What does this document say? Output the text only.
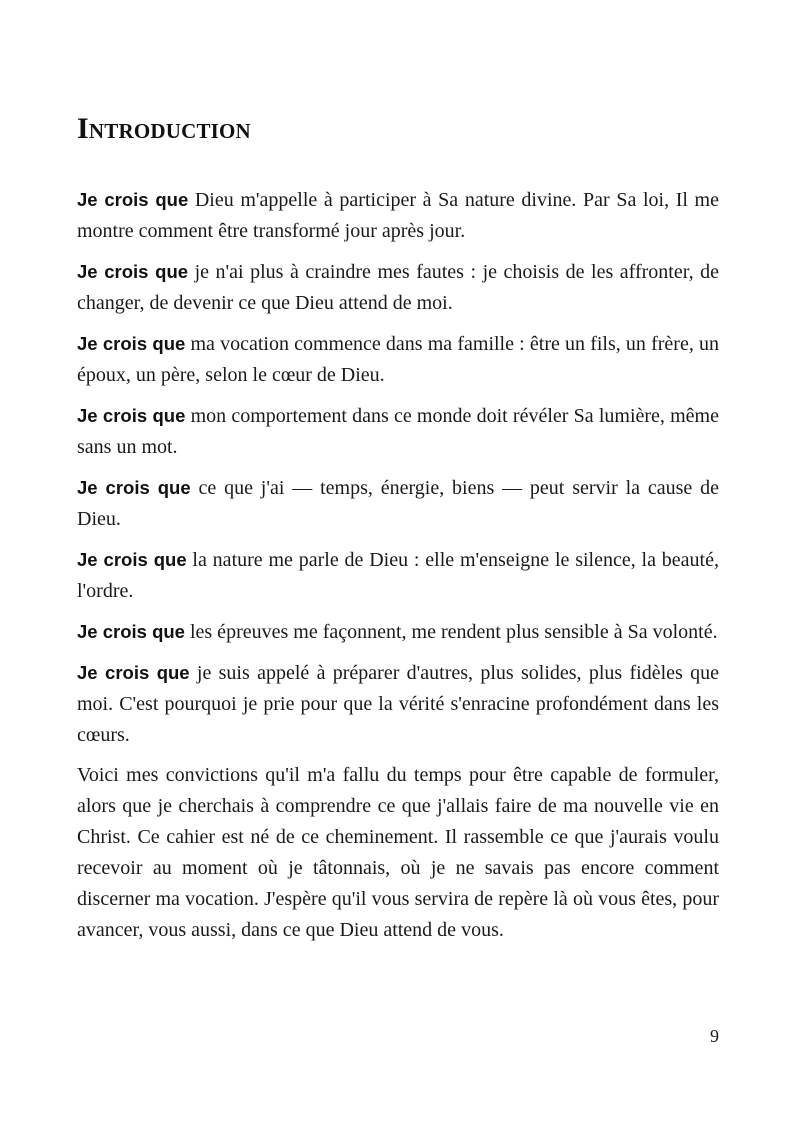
Introduction

Je crois que Dieu m'appelle à participer à Sa nature divine. Par Sa loi, Il me montre comment être transformé jour après jour.

Je crois que je n'ai plus à craindre mes fautes : je choisis de les affronter, de changer, de devenir ce que Dieu attend de moi.

Je crois que ma vocation commence dans ma famille : être un fils, un frère, un époux, un père, selon le cœur de Dieu.

Je crois que mon comportement dans ce monde doit révéler Sa lumière, même sans un mot.

Je crois que ce que j'ai — temps, énergie, biens — peut servir la cause de Dieu.

Je crois que la nature me parle de Dieu : elle m'enseigne le silence, la beauté, l'ordre.

Je crois que les épreuves me façonnent, me rendent plus sensible à Sa volonté.

Je crois que je suis appelé à préparer d'autres, plus solides, plus fidèles que moi. C'est pourquoi je prie pour que la vérité s'enracine profondément dans les cœurs.

Voici mes convictions qu'il m'a fallu du temps pour être capable de formuler, alors que je cherchais à comprendre ce que j'allais faire de ma nouvelle vie en Christ. Ce cahier est né de ce cheminement. Il rassemble ce que j'aurais voulu recevoir au moment où je tâtonnais, où je ne savais pas encore comment discerner ma vocation. J'espère qu'il vous servira de repère là où vous êtes, pour avancer, vous aussi, dans ce que Dieu attend de vous.

9
